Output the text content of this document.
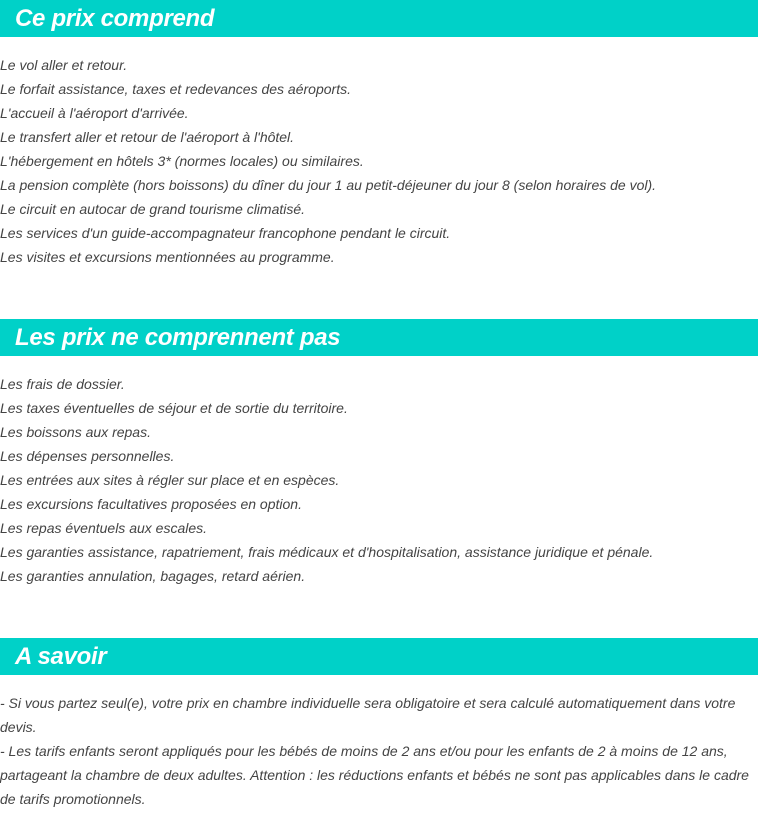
Ce prix comprend
Le vol aller et retour.
Le forfait assistance, taxes et redevances des aéroports.
L'accueil à l'aéroport d'arrivée.
Le transfert aller et retour de l'aéroport à l'hôtel.
L'hébergement en hôtels 3* (normes locales) ou similaires.
La pension complète (hors boissons) du dîner du jour 1 au petit-déjeuner du jour 8 (selon horaires de vol).
Le circuit en autocar de grand tourisme climatisé.
Les services d'un guide-accompagnateur francophone pendant le circuit.
Les visites et excursions mentionnées au programme.
Les prix ne comprennent pas
Les frais de dossier.
Les taxes éventuelles de séjour et de sortie du territoire.
Les boissons aux repas.
Les dépenses personnelles.
Les entrées aux sites à régler sur place et en espèces.
Les excursions facultatives proposées en option.
Les repas éventuels aux escales.
Les garanties assistance, rapatriement, frais médicaux et d'hospitalisation, assistance juridique et pénale.
Les garanties annulation, bagages, retard aérien.
A savoir
- Si vous partez seul(e), votre prix en chambre individuelle sera obligatoire et sera calculé automatiquement dans votre devis.
- Les tarifs enfants seront appliqués pour les bébés de moins de 2 ans et/ou pour les enfants de 2 à moins de 12 ans, partageant la chambre de deux adultes. Attention : les réductions enfants et bébés ne sont pas applicables dans le cadre de tarifs promotionnels.
